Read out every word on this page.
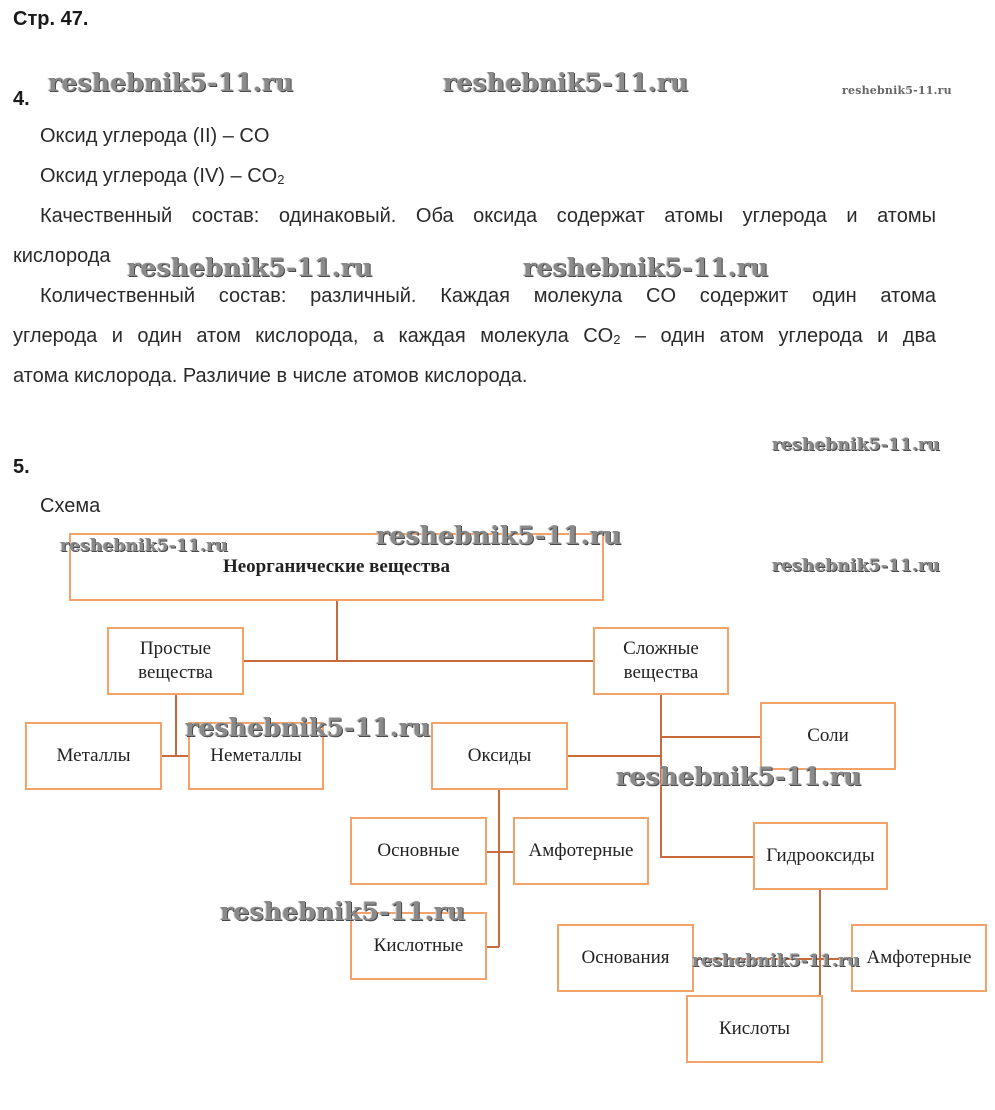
Стр. 47.
4.
Оксид углерода (II) – CO
Оксид углерода $(IV) - CO_2$
Качественный состав: одинаковый. Оба оксида содержат атомы углерода и атомы
кислорода
Количественный состав: различный. Каждая молекула CO содержит один атома
углерода и один атом кислорода, а каждая молекула $CO_2$ – один атом углерода и два
атома кислорода. Различие в числе атомов кислорода.
5.
Схема
Неорганические вещества
Простые вещества
Сложные вещества
Металлы	Неметаллы	Оксиды
Соли
Основные	Амфотерные
Кислотные
Гидрооксиды
Основания	Амфотерные
Кислоты
reshebnik5-11.ru	reshebnik5-11.ru	reshebnik5-11.ru
reshebnik5-11.ru	reshebnik5-11.ru
reshebnik5-11.ru
reshebnik5-11.ru
reshebnik5-11.ru
reshebnik5-11.ru
reshebnik5-11.ru
reshebnik5-11.ru
reshebnik5-11.ru
reshebnik5-11.ru
